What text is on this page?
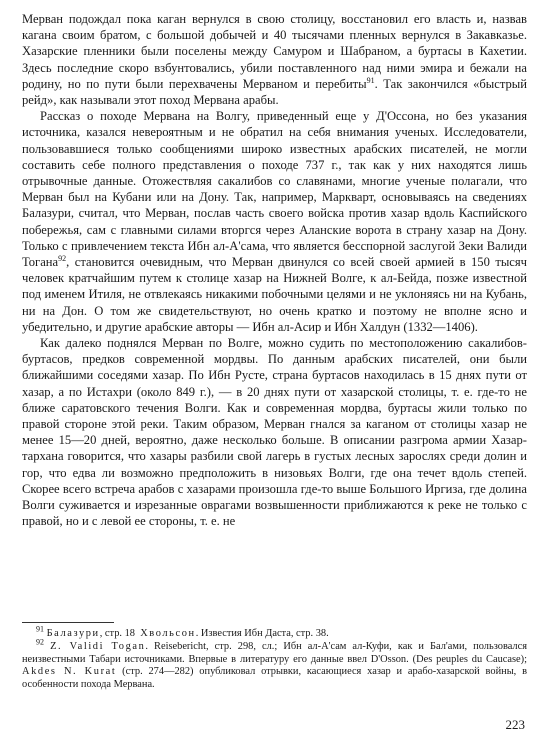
Мерван подождал пока каган вернулся в свою столицу, восстановил его власть и, назвав кагана своим братом, с большой добычей и 40 тысячами пленных вернулся в Закавказье. Хазарские пленники были поселены между Самуром и Шабраном, а буртасы в Кахетии. Здесь последние скоро взбунтовались, убили поставленного над ними эмира и бежали на родину, но по пути были перехвачены Мерваном и перебиты$^{91}$. Так закончился «быстрый рейд», как называли этот поход Мервана арабы.

Рассказ о походе Мервана на Волгу, приведенный еще у Д'Оссона, но без указания источника, казался невероятным и не обратил на себя внимания ученых. Исследователи, пользовавшиеся только сообщениями широко известных арабских писателей, не могли составить себе полного представления о походе 737 г., так как у них находятся лишь отрывочные данные. Отожествляя сакалибов со славянами, многие ученые полагали, что Мерван был на Кубани или на Дону. Так, например, Маркварт, основываясь на сведениях Балазури, считал, что Мерван, послав часть своего войска против хазар вдоль Каспийского побережья, сам с главными силами вторгся через Аланские ворота в страну хазар на Дону. Только с привлечением текста Ибн ал-А'сама, что является бесспорной заслугой Зеки Валиди Тогана$^{92}$, становится очевидным, что Мерван двинулся со всей своей армией в 150 тысяч человек кратчайшим путем к столице хазар на Нижней Волге, к ал-Бейда, позже известной под именем Итиля, не отвлекаясь никакими побочными целями и не уклоняясь ни на Кубань, ни на Дон. О том же свидетельствуют, но очень кратко и поэтому не вполне ясно и убедительно, и другие арабские авторы — Ибн ал-Асир и Ибн Халдун (1332—1406).

Как далеко поднялся Мерван по Волге, можно судить по местоположению сакалибов-буртасов, предков современной мордвы. По данным арабских писателей, они были ближайшими соседями хазар. По Ибн Русте, страна буртасов находилась в 15 днях пути от хазар, а по Истахри (около 849 г.), — в 20 днях пути от хазарской столицы, т. е. где-то не ближе саратовского течения Волги. Как и современная мордва, буртасы жили только по правой стороне этой реки. Таким образом, Мерван гнался за каганом от столицы хазар не менее 15—20 дней, вероятно, даже несколько больше. В описании разгрома армии Хазар-тархана говорится, что хазары разбили свой лагерь в густых лесных зарослях среди долин и гор, что едва ли возможно предположить в низовьях Волги, где она течет вдоль степей. Скорее всего встреча арабов с хазарами произошла где-то выше Большого Иргиза, где долина Волги суживается и изрезанные оврагами возвышенности приближаются к реке не только с правой, но и с левой ее стороны, т. е. не

$^{91}$ Балазури, стр. 18 Хвольсон. Известия Ибн Даста, стр. 38.

$^{92}$ Z. Validi Togan. Reisebericht, стр. 298, сл.; Ибн ал-А'сам ал-Куфи, как и Бал'ами, пользовался неизвестными Табари источниками. Впервые в литературу его данные ввел D'Osson. (Des peuples du Caucase); Akdes N. Kurat (стр. 274—282) опубликовал отрывки, касающиеся хазар и арабо-хазарской войны, в особенности похода Мервана.

223
